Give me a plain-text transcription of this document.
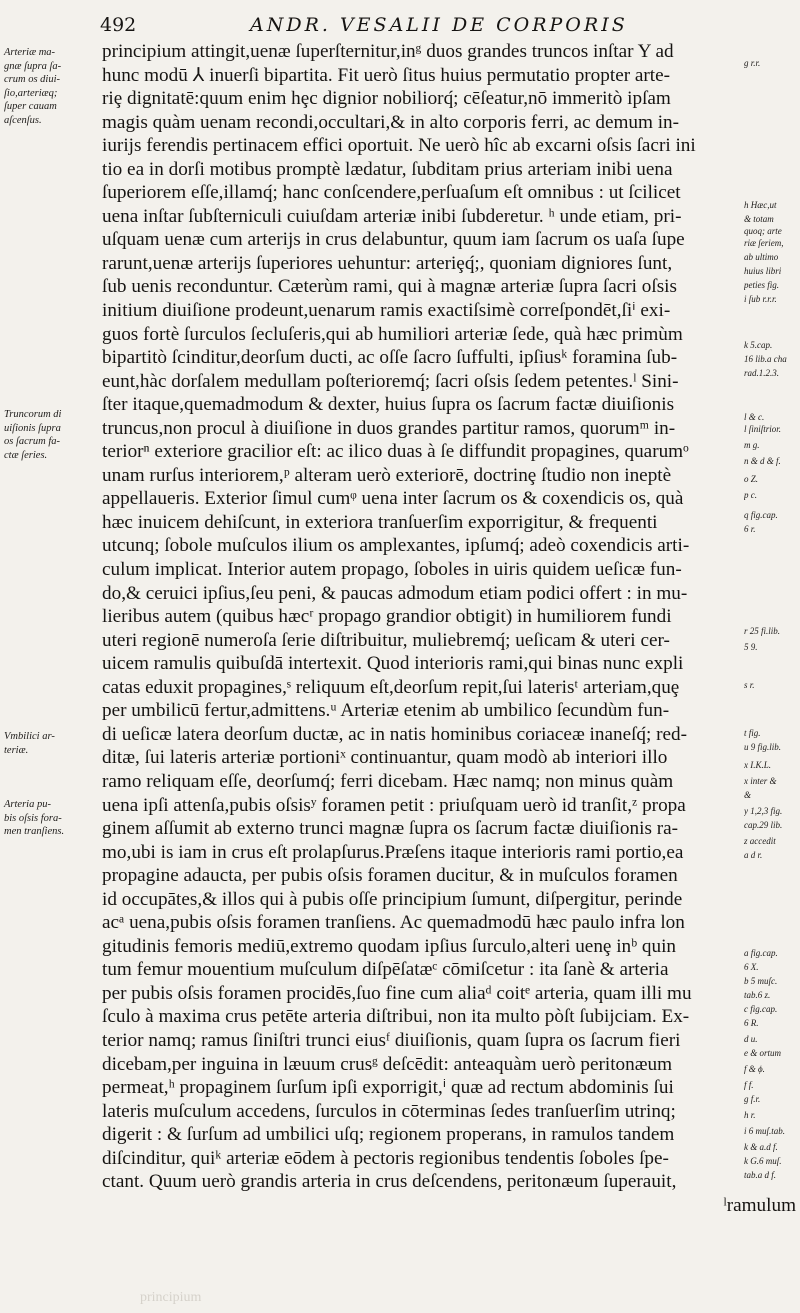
492	ANDR. VESALII DE CORPORIS
Arteriæ ma-
gnæ ſupra ſa-
crum os diui-
ſio,arteriæq;
ſuper cauam
aſcenſus.
Truncorum di
uiſionis ſupra
os ſacrum fa-
ctæ ſeries.
Vmbilici ar-
teriæ.
Arteria pu-
bis oſsis fora-
men tranſiens.
principium attingit,uenæ ſuperſternitur,inᵍ duos grandes truncos inſtar Y ad
hunc modū ⅄ inuerſi bipartita. Fit uerò ſitus huius permutatio propter arte-
riȩ dignitatē:quum enim hȩc dignior nobiliorq́; cēſeatur,nō immeritò ipſam
magis quàm uenam recondi,occultari,& in alto corporis ferri, ac demum in-
iurijs ferendis pertinacem effici oportuit. Ne uerò hîc ab excarni oſsis ſacri ini
tio ea in dorſi motibus promptè lædatur, ſubditam prius arteriam inibi uena
ſuperiorem eſſe,illamq́; hanc conſcendere,perſuaſum eſt omnibus : ut ſcilicet
uena inſtar ſubſterniculi cuiuſdam arteriæ inibi ſubderetur. ʰ unde etiam, pri-
uſquam uenæ cum arterijs in crus delabuntur, quum iam ſacrum os uaſa ſupe
rarunt,uenæ arterijs ſuperiores uehuntur: arteriȩq́;, quoniam digniores ſunt,
ſub uenis reconduntur. Cæterùm rami, qui à magnæ arteriæ ſupra ſacri oſsis
initium diuiſione prodeunt,uenarum ramis exactiſsimè correſpondēt,ſiⁱ exi-
guos fortè ſurculos ſecluſeris,qui ab humiliori arteriæ ſede, quà hæc primùm
bipartitò ſcinditur,deorſum ducti, ac oſſe ſacro ſuffulti, ipſiusᵏ foramina ſub-
eunt,hàc dorſalem medullam poſterioremq́; ſacri oſsis ſedem petentes.ˡ Sini-
ſter itaque,quemadmodum & dexter, huius ſupra os ſacrum factæ diuiſionis
truncus,non procul à diuiſione in duos grandes partitur ramos, quorumᵐ in-
teriorⁿ exteriore gracilior eſt: ac ilico duas à ſe diffundit propagines, quarumᵒ
unam rurſus interiorem,ᵖ alteram uerò exteriorē, doctrinȩ ſtudio non ineptè
appellaueris. Exterior ſimul cumᵠ uena inter ſacrum os & coxendicis os, quà
hæc inuicem dehiſcunt, in exteriora tranſuerſim exporrigitur, & frequenti
utcunq; ſobole muſculos ilium os amplexantes, ipſumq́; adeò coxendicis arti-
culum implicat. Interior autem propago, ſoboles in uiris quidem ueſicæ fun-
do,& ceruici ipſius,ſeu peni, & paucas admodum etiam podici offert : in mu-
lieribus autem (quibus hæcʳ propago grandior obtigit) in humiliorem fundi
uteri regionē numeroſa ſerie diſtribuitur, muliebremq́; ueſicam & uteri cer-
uicem ramulis quibuſdā intertexit. Quod interioris rami,qui binas nunc expli
catas eduxit propagines,ˢ reliquum eſt,deorſum repit,ſui laterisᵗ arteriam,quȩ
per umbilicū fertur,admittens.ᵘ Arteriæ etenim ab umbilico ſecundùm fun-
di ueſicæ latera deorſum ductæ, ac in natis hominibus coriaceæ inaneſq́; red-
ditæ, ſui lateris arteriæ portioniˣ continuantur, quam modò ab interiori illo
ramo reliquam eſſe, deorſumq́; ferri dicebam. Hæc namq; non minus quàm
uena ipſi attenſa,pubis oſsisʸ foramen petit : priuſquam uerò id tranſit,ᶻ propa
ginem aſſumit ab externo trunci magnæ ſupra os ſacrum factæ diuiſionis ra-
mo,ubi is iam in crus eſt prolapſurus.Præſens itaque interioris rami portio,ea
propagine adaucta, per pubis oſsis foramen ducitur, & in muſculos foramen
id occupātes,& illos qui à pubis oſſe principium ſumunt, diſpergitur, perinde
acᵃ uena,pubis oſsis foramen tranſiens. Ac quemadmodū hæc paulo infra lon
gitudinis femoris mediū,extremo quodam ipſius ſurculo,alteri uenȩ inᵇ quin
tum femur mouentium muſculum diſpēſatæᶜ cōmiſcetur : ita ſanè & arteria
per pubis oſsis foramen procidēs,ſuo fine cum aliaᵈ coitᵉ arteria, quam illi mu
ſculo à maxima crus petēte arteria diſtribui, non ita multo pòſt ſubijciam. Ex-
terior namq; ramus ſiniſtri trunci eiusᶠ diuiſionis, quam ſupra os ſacrum fieri
dicebam,per inguina in læuum crusᵍ deſcēdit: anteaquàm uerò peritonæum
permeat,ʰ propaginem ſurſum ipſi exporrigit,ⁱ quæ ad rectum abdominis ſui
lateris muſculum accedens, ſurculos in cōterminas ſedes tranſuerſim utrinq;
digerit : & ſurſum ad umbilici uſq; regionem properans, in ramulos tandem
diſcinditur, quiᵏ arteriæ eōdem à pectoris regionibus tendentis ſoboles ſpe-
ctant. Quum uerò grandis arteria in crus deſcendens, peritonæum ſuperauit,
ˡramulum
g r.r.
h Hæc,ut
& totam
quoq; arte
riæ ſeriem,
ab ultimo
huius libri
peties fig.
i ſub r.r.r.
k 5.cap.
16 lib.a cha
rad.1.2.3.
l & c.
l ſiniſtrior.
m g.
n & d & f.
o Z.
p c.
q fig.cap.
6 r.
r 25 fi.lib.
5 9.
s r.
t fig.
u 9 fig.lib.
x I.K.L.
x inter &
&
y 1,2,3 fig.
cap.29 lib.
z accedit
a d r.
a fig.cap.
6 X.
b 5 muſc.
tab.6 z.
c fig.cap.
6 R.
d u.
e & ortum
f & ϕ.
f f.
g f.r.
h r.
i 6 muſ.tab.
k & a.d f.
k G.6 muſ.
tab.a d f.
principium
